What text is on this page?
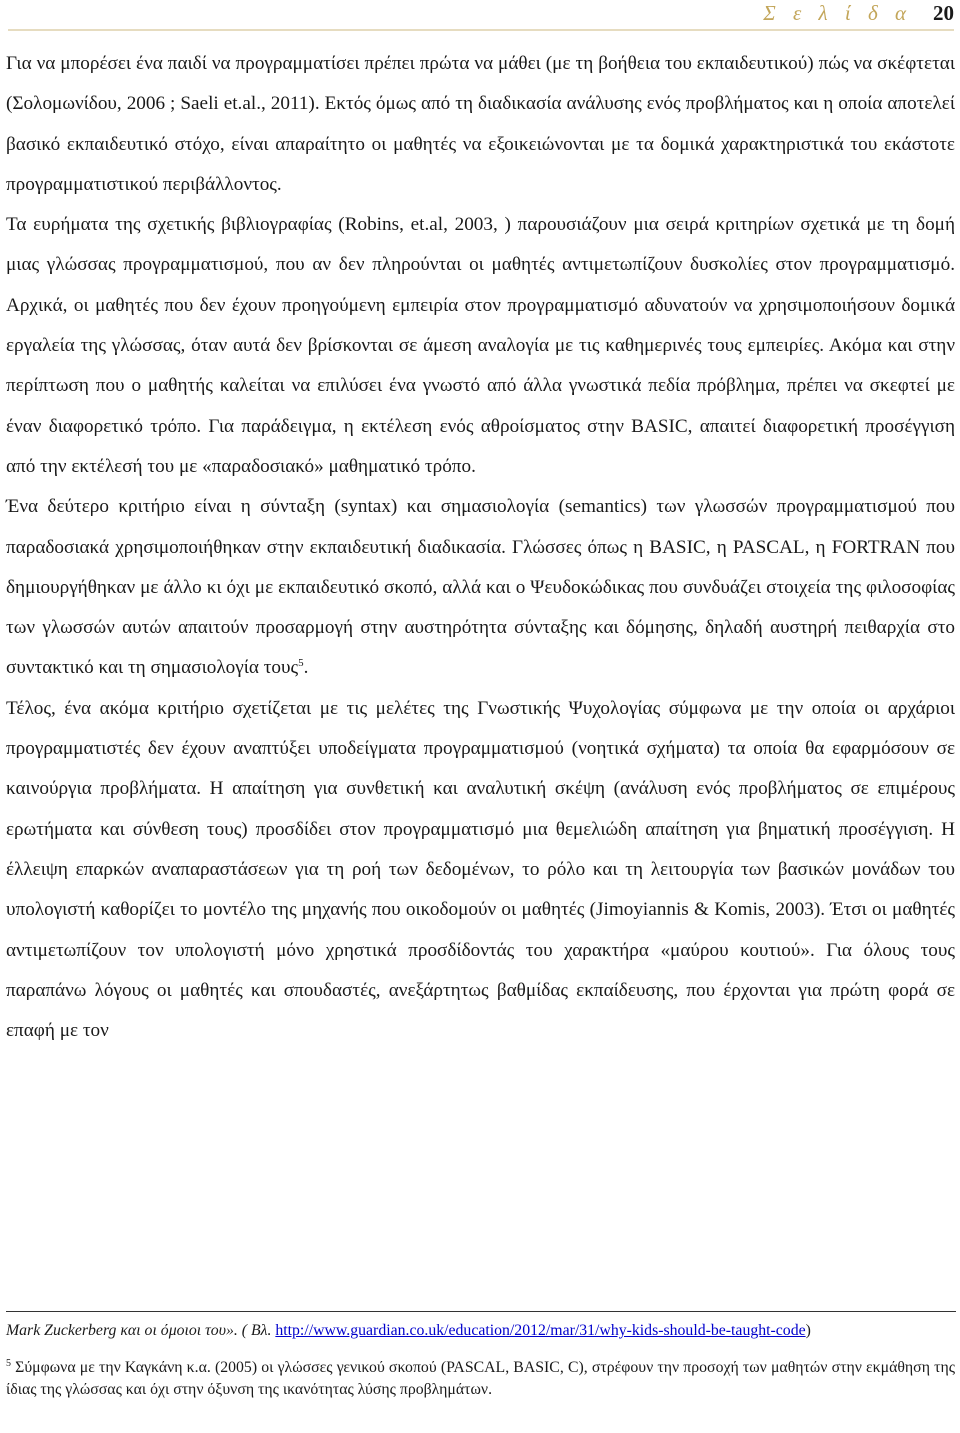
Σ ε λ ί δ α 20

Για να μπορέσει ένα παιδί να προγραμματίσει πρέπει πρώτα να μάθει (με τη βοήθεια του εκπαιδευτικού) πώς να σκέφτεται (Σολομωνίδου, 2006 ; Saeli et.al., 2011). Εκτός όμως από τη διαδικασία ανάλυσης ενός προβλήματος και η οποία αποτελεί βασικό εκπαιδευτικό στόχο, είναι απαραίτητο οι μαθητές να εξοικειώνονται με τα δομικά χαρακτηριστικά του εκάστοτε προγραμματιστικού περιβάλλοντος.

Τα ευρήματα της σχετικής βιβλιογραφίας (Robins, et.al, 2003, ) παρουσιάζουν μια σειρά κριτηρίων σχετικά με τη δομή μιας γλώσσας προγραμματισμού, που αν δεν πληρούνται οι μαθητές αντιμετωπίζουν δυσκολίες στον προγραμματισμό. Αρχικά, οι μαθητές που δεν έχουν προηγούμενη εμπειρία στον προγραμματισμό αδυνατούν να χρησιμοποιήσουν δομικά εργαλεία της γλώσσας, όταν αυτά δεν βρίσκονται σε άμεση αναλογία με τις καθημερινές τους εμπειρίες. Ακόμα και στην περίπτωση που ο μαθητής καλείται να επιλύσει ένα γνωστό από άλλα γνωστικά πεδία πρόβλημα, πρέπει να σκεφτεί με έναν διαφορετικό τρόπο. Για παράδειγμα, η εκτέλεση ενός αθροίσματος στην BASIC, απαιτεί διαφορετική προσέγγιση από την εκτέλεσή του με «παραδοσιακό» μαθηματικό τρόπο.

Ένα δεύτερο κριτήριο είναι η σύνταξη (syntax) και σημασιολογία (semantics) των γλωσσών προγραμματισμού που παραδοσιακά χρησιμοποιήθηκαν στην εκπαιδευτική διαδικασία. Γλώσσες όπως η BASIC, η PASCAL, η FORTRAN που δημιουργήθηκαν με άλλο κι όχι με εκπαιδευτικό σκοπό, αλλά και ο Ψευδοκώδικας που συνδυάζει στοιχεία της φιλοσοφίας των γλωσσών αυτών απαιτούν προσαρμογή στην αυστηρότητα σύνταξης και δόμησης, δηλαδή αυστηρή πειθαρχία στο συντακτικό και τη σημασιολογία τους$^5$.

Τέλος, ένα ακόμα κριτήριο σχετίζεται με τις μελέτες της Γνωστικής Ψυχολογίας σύμφωνα με την οποία οι αρχάριοι προγραμματιστές δεν έχουν αναπτύξει υποδείγματα προγραμματισμού (νοητικά σχήματα) τα οποία θα εφαρμόσουν σε καινούργια προβλήματα. Η απαίτηση για συνθετική και αναλυτική σκέψη (ανάλυση ενός προβλήματος σε επιμέρους ερωτήματα και σύνθεση τους) προσδίδει στον προγραμματισμό μια θεμελιώδη απαίτηση για βηματική προσέγγιση. Η έλλειψη επαρκών αναπαραστάσεων για τη ροή των δεδομένων, το ρόλο και τη λειτουργία των βασικών μονάδων του υπολογιστή καθορίζει το μοντέλο της μηχανής που οικοδομούν οι μαθητές (Jimoyiannis & Komis, 2003). Έτσι οι μαθητές αντιμετωπίζουν τον υπολογιστή μόνο χρηστικά προσδίδοντάς του χαρακτήρα «μαύρου κουτιού». Για όλους τους παραπάνω λόγους οι μαθητές και σπουδαστές, ανεξάρτητως βαθμίδας εκπαίδευσης, που έρχονται για πρώτη φορά σε επαφή με τον

Mark Zuckerberg και οι όμοιοι του». ( Βλ. http://www.guardian.co.uk/education/2012/mar/31/why-kids-should-be-taught-code)

$^5$ Σύμφωνα με την Καγκάνη κ.α. (2005) οι γλώσσες γενικού σκοπού (PASCAL, BASIC, C), στρέφουν την προσοχή των μαθητών στην εκμάθηση της ίδιας της γλώσσας και όχι στην όξυνση της ικανότητας λύσης προβλημάτων.
